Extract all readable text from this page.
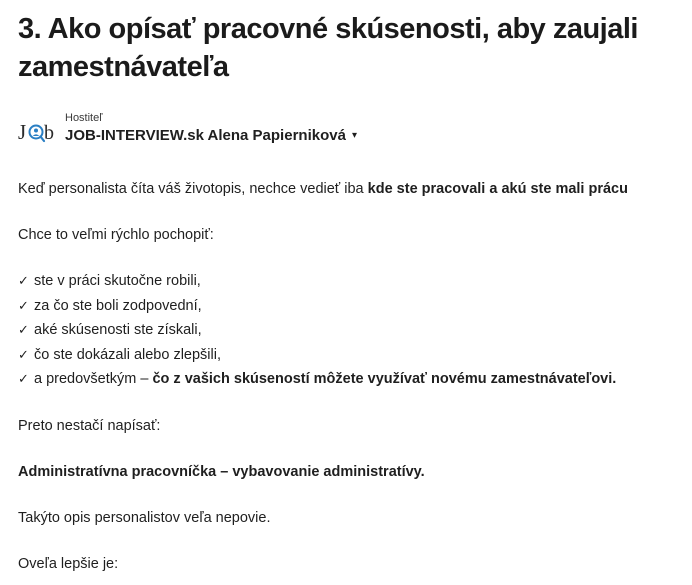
3. Ako opísať pracovné skúsenosti, aby zaujali zamestnávateľa
J b
Hostiteľ
JOB-INTERVIEW.sk Alena Papierniková ▾

Keď personalista číta váš životopis, nechce vedieť iba kde ste pracovali a akú ste mali prácu

Chce to veľmi rýchlo pochopiť:

✓ ste v práci skutočne robili,
✓ za čo ste boli zodpovední,
✓ aké skúsenosti ste získali,
✓ čo ste dokázali alebo zlepšili,
✓ a predovšetkým – čo z vašich skúseností môžete využívať novému zamestnávateľovi.

Preto nestačí napísať:

Administratívna pracovníčka – vybavovanie administratívy.

Takýto opis personalistov veľa nepovie.

Oveľa lepšie je:
